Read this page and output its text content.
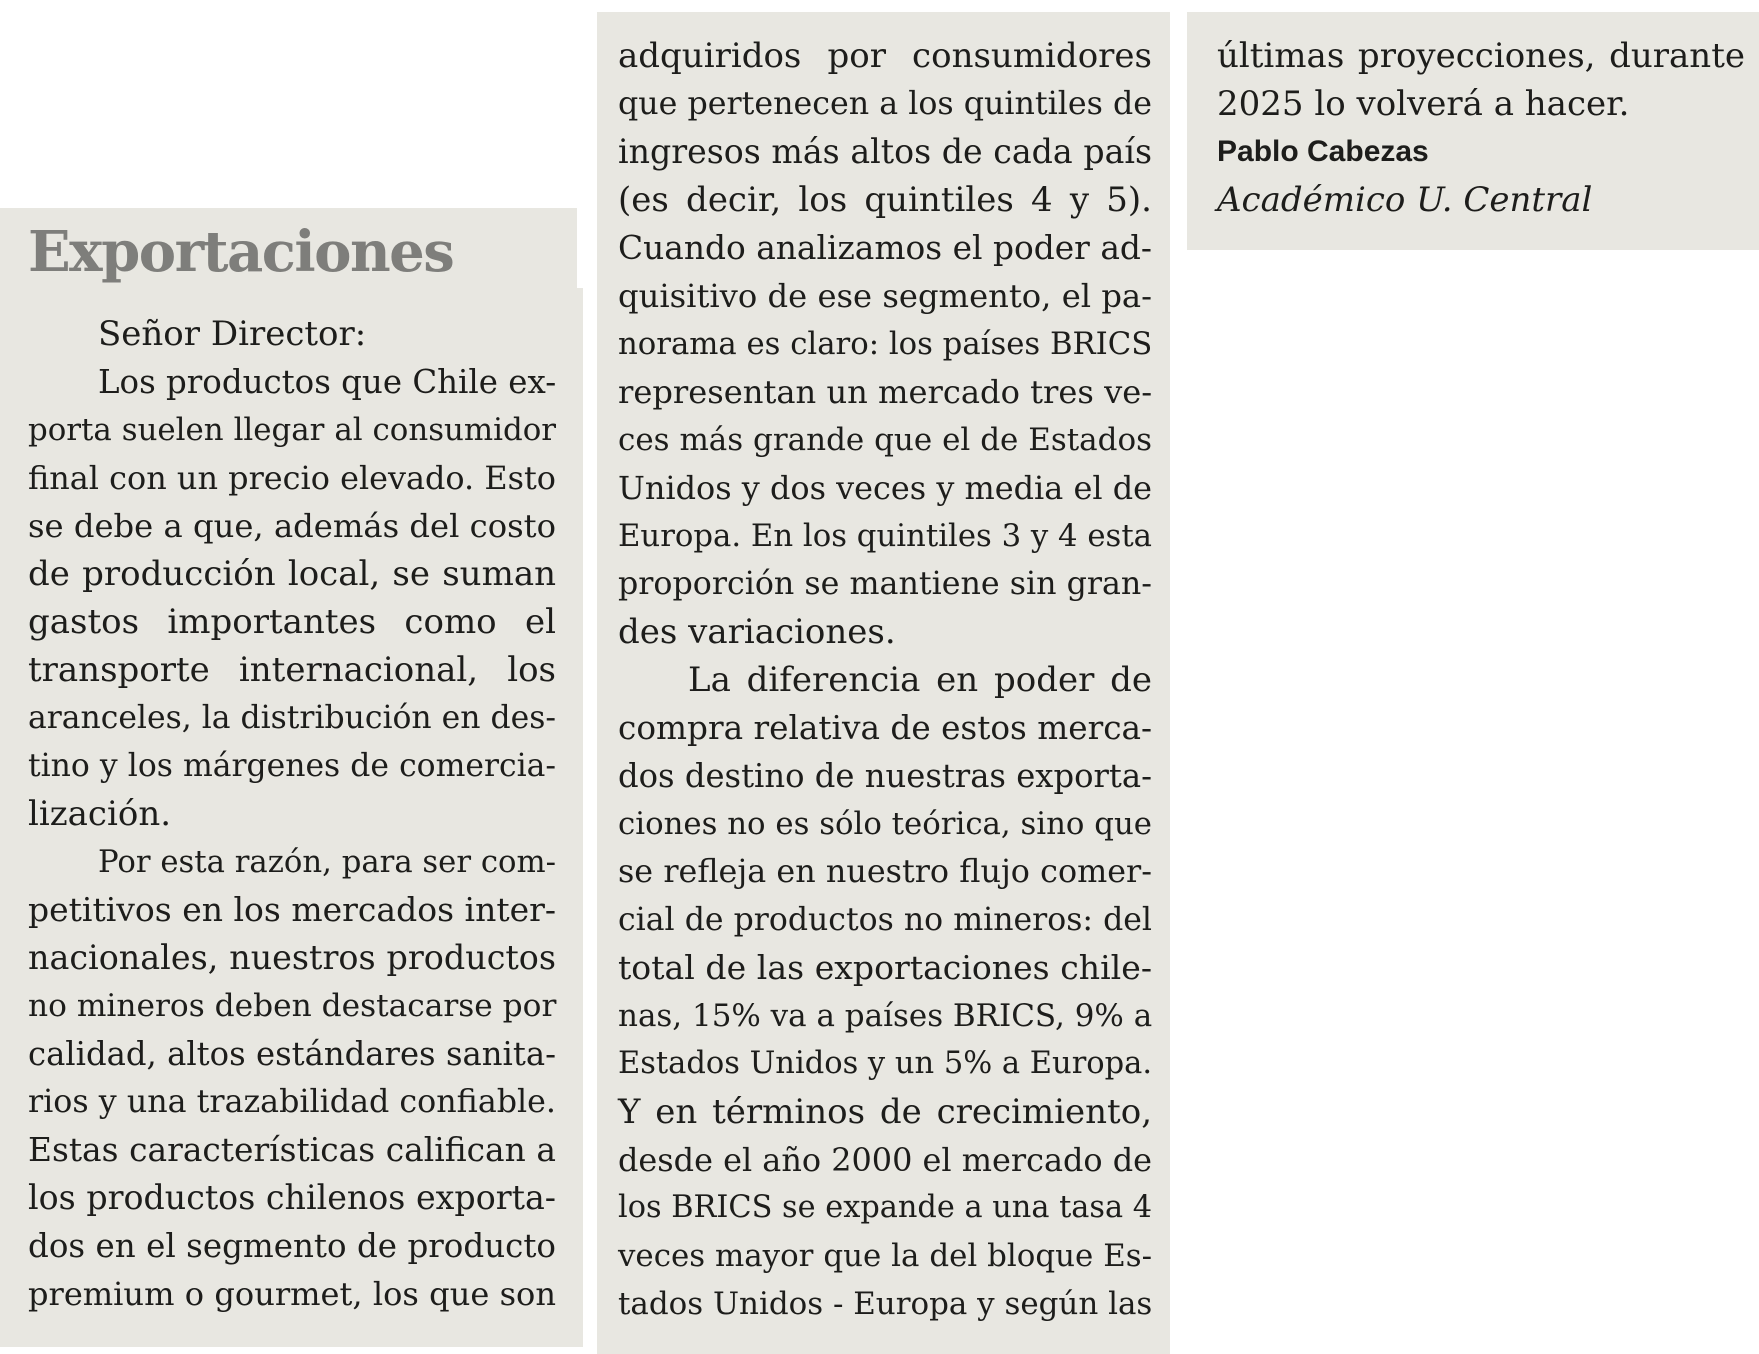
Exportaciones
Señor Director:
Los productos que Chile ex-
porta suelen llegar al consumidor
final con un precio elevado. Esto
se debe a que, además del costo
de producción local, se suman
gastos importantes como el
transporte internacional, los
aranceles, la distribución en des-
tino y los márgenes de comercia-
lización.
Por esta razón, para ser com-
petitivos en los mercados inter-
nacionales, nuestros productos
no mineros deben destacarse por
calidad, altos estándares sanita-
rios y una trazabilidad confiable.
Estas características califican a
los productos chilenos exporta-
dos en el segmento de producto
premium o gourmet, los que son
adquiridos por consumidores
que pertenecen a los quintiles de
ingresos más altos de cada país
(es decir, los quintiles 4 y 5).
Cuando analizamos el poder ad-
quisitivo de ese segmento, el pa-
norama es claro: los países BRICS
representan un mercado tres ve-
ces más grande que el de Estados
Unidos y dos veces y media el de
Europa. En los quintiles 3 y 4 esta
proporción se mantiene sin gran-
des variaciones.
La diferencia en poder de
compra relativa de estos merca-
dos destino de nuestras exporta-
ciones no es sólo teórica, sino que
se refleja en nuestro flujo comer-
cial de productos no mineros: del
total de las exportaciones chile-
nas, 15% va a países BRICS, 9% a
Estados Unidos y un 5% a Europa.
Y en términos de crecimiento,
desde el año 2000 el mercado de
los BRICS se expande a una tasa 4
veces mayor que la del bloque Es-
tados Unidos - Europa y según las
últimas proyecciones, durante
2025 lo volverá a hacer.
Pablo Cabezas
Académico U. Central
